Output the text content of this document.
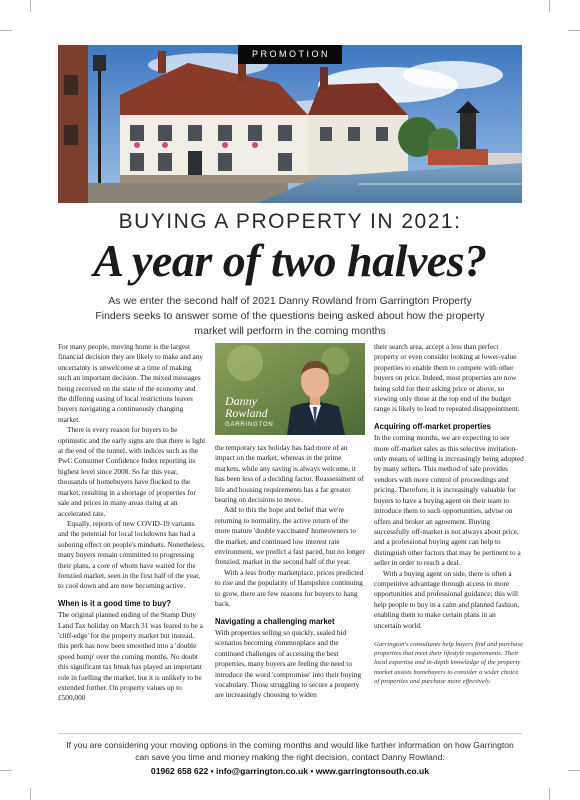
PROMOTION
BUYING A PROPERTY IN 2021:
A year of two halves?

As we enter the second half of 2021 Danny Rowland from Garrington Property Finders seeks to answer some of the questions being asked about how the property market will perform in the coming months

For many people, moving home is the largest financial decision they are likely to make and any uncertainty is unwelcome at a time of making such an important decision. The mixed messages being received on the state of the economy and the differing easing of local restrictions leaves buyers navigating a continuously changing market.

There is every reason for buyers to be optimistic and the early signs are that there is light at the end of the tunnel, with indices such as the PwC Consumer Confidence Index reporting its highest level since 2008. So far this year, thousands of homebuyers have flocked to the market, resulting in a shortage of properties for sale and prices in many areas rising at an accelerated rate.

Equally, reports of new COVID-19 variants and the potential for local lockdowns has had a sobering effect on people's mindsets. Nonetheless, many buyers remain committed to progressing their plans, a core of whom have waited for the frenzied market, seen in the first half of the year, to cool down and are now becoming active.

When is it a good time to buy?

The original planned ending of the Stamp Duty Land Tax holiday on March 31 was feared to be a 'cliff-edge' for the property market but instead, this perk has now been smoothed into a 'double speed bump' over the coming months. No doubt this significant tax break has played an important role in fuelling the market, but it is unlikely to be extended further. On property values up to £500,000

Danny
Rowland
GARRINGTON

the temporary tax holiday has had more of an impact on the market, whereas in the prime markets, while any saving is always welcome, it has been less of a deciding factor. Reassessment of life and housing requirements has a far greater bearing on decisions to move.

Add to this the hope and belief that we're returning to normality, the active return of the more mature 'double vaccinated' homeowners to the market, and continued low interest rate environment, we predict a fast paced, but no longer frenzied, market in the second half of the year.

With a less frothy marketplace, prices predicted to rise and the popularity of Hampshire continuing to grow, there are few reasons for buyers to hang back.

Navigating a challenging market

With properties selling so quickly, sealed bid scenarios becoming commonplace and the continued challenges of accessing the best properties, many buyers are feeling the need to introduce the word 'compromise' into their buying vocabulary. Those struggling to secure a property are increasingly choosing to widen

their search area, accept a less than perfect property or even consider looking at lower-value properties to enable them to compete with other buyers on price. Indeed, most properties are now being sold for their asking price or above, so viewing only those at the top end of the budget range is likely to lead to repeated disappointment.

Acquiring off-market properties

In the coming months, we are expecting to see more off-market sales as this selective invitation-only means of selling is increasingly being adopted by many sellers. This method of sale provides vendors with more control of proceedings and pricing. Therefore, it is increasingly valuable for buyers to have a buying agent on their team to introduce them to such opportunities, advise on offers and broker an agreement. Buying successfully off-market is not always about price, and a professional buying agent can help to distinguish other factors that may be pertinent to a seller in order to reach a deal.

With a buying agent on side, there is often a competitive advantage through access to more opportunities and professional guidance; this will help people to buy in a calm and planned fashion, enabling them to make certain plans in an uncertain world.

Garrington's consultants help buyers find and purchase properties that meet their lifestyle requirements. Their local expertise and in-depth knowledge of the property market assists homebuyers to consider a wider choice of properties and purchase more effectively.

If you are considering your moving options in the coming months and would like further information on how Garrington can save you time and money making the right decision, contact Danny Rowland:

01962 658 622 • info@garrington.co.uk • www.garringtonsouth.co.uk
